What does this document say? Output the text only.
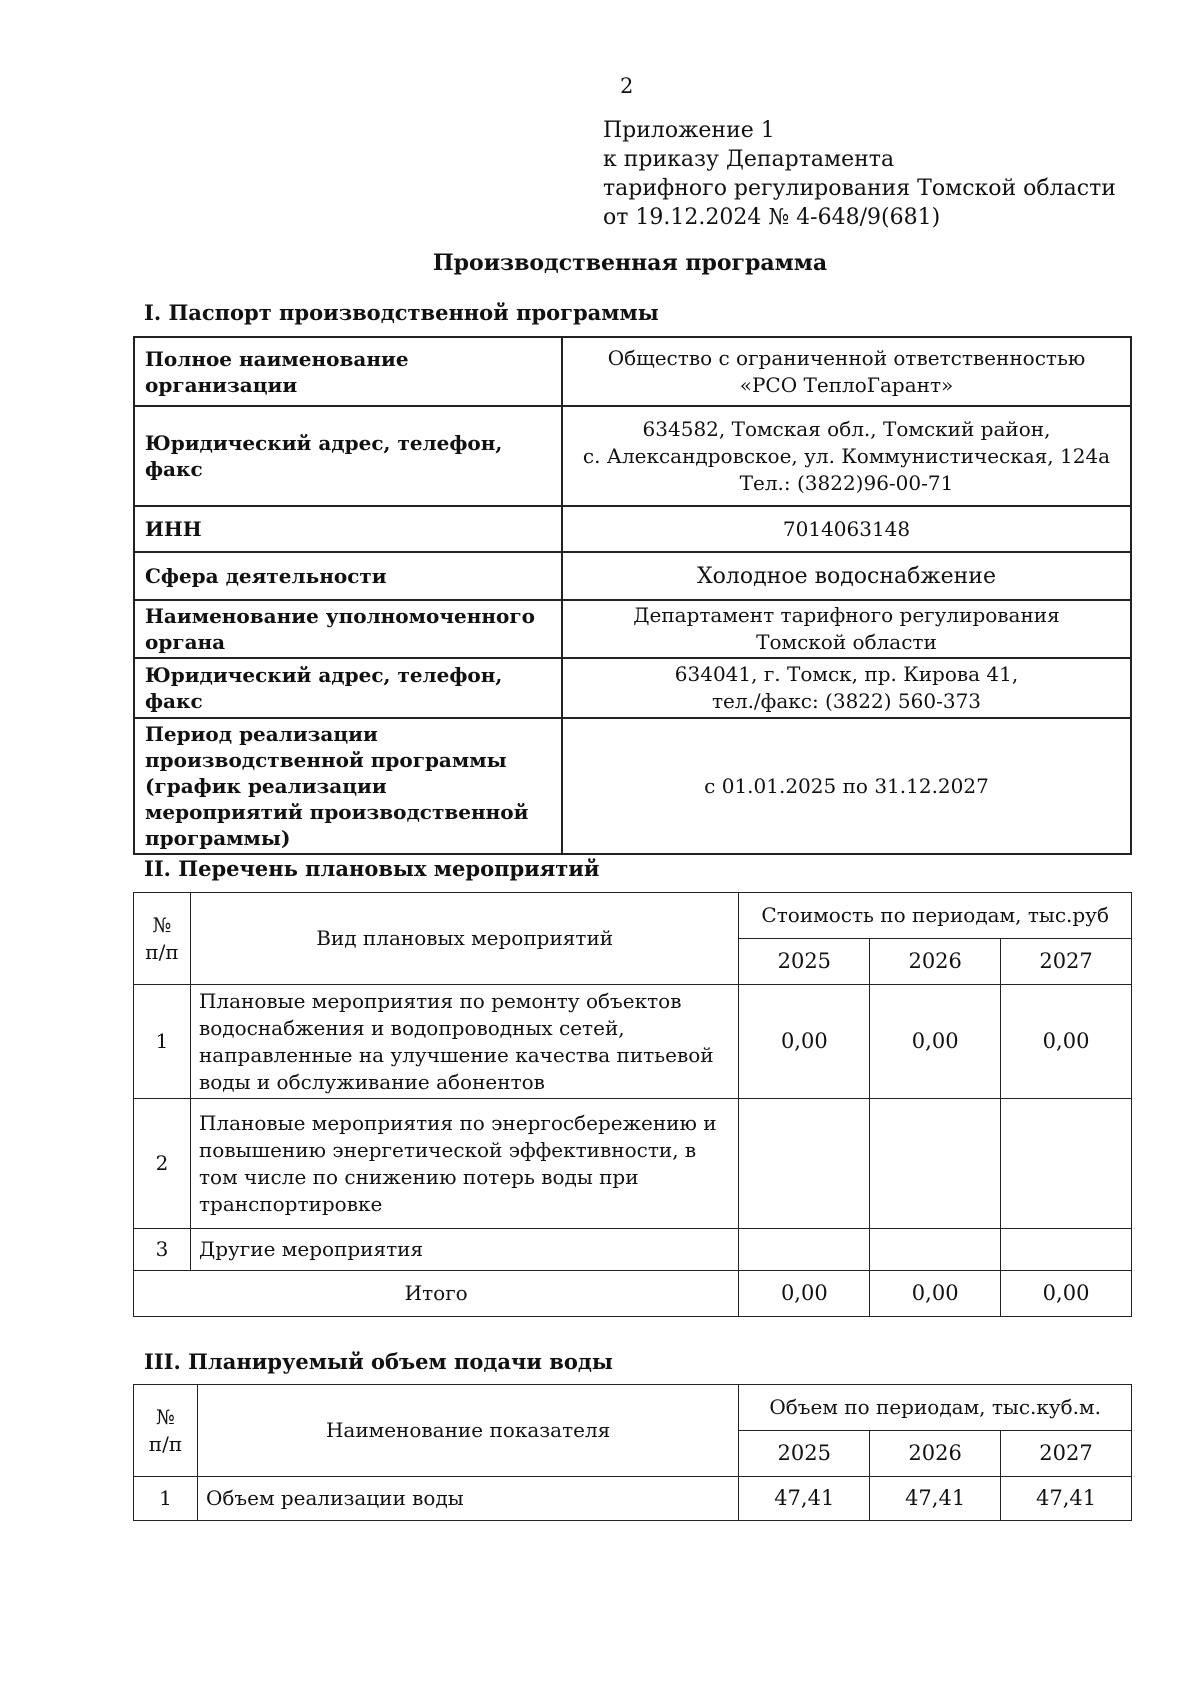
2
Приложение 1
к приказу Департамента
тарифного регулирования Томской области
от 19.12.2024 № 4-648/9(681)
Производственная программа
I. Паспорт производственной программы
Полное наименование организации	Общество с ограниченной ответственностью
«РСО ТеплоГарант»

Юридический адрес, телефон, факс	634582, Томская обл., Томский район,
с. Александровское, ул. Коммунистическая, 124а
Тел.: (3822)96-00-71

ИНН	7014063148

Сфера деятельности	Холодное водоснабжение

Наименование уполномоченного органа	Департамент тарифного регулирования
Томской области

Юридический адрес, телефон, факс	634041, г. Томск, пр. Кирова 41,
тел./факс: (3822) 560-373

Период реализации производственной программы (график реализации мероприятий производственной программы)	с 01.01.2025 по 31.12.2027
II. Перечень плановых мероприятий
№ п/п	Вид плановых мероприятий	Стоимость по периодам, тыс.руб		
		2025	2026	2027
1	Плановые мероприятия по ремонту объектов водоснабжения и водопроводных сетей, направленные на улучшение качества питьевой воды и обслуживание абонентов	0,00	0,00	0,00
2	Плановые мероприятия по энергосбережению и повышению энергетической эффективности, в том числе по снижению потерь воды при транспортировке			
3	Другие мероприятия			
Итого		0,00	0,00	0,00
III. Планируемый объем подачи воды
№ п/п	Наименование показателя	Объем по периодам, тыс.куб.м.		
		2025	2026	2027
1	Объем реализации воды	47,41	47,41	47,41
